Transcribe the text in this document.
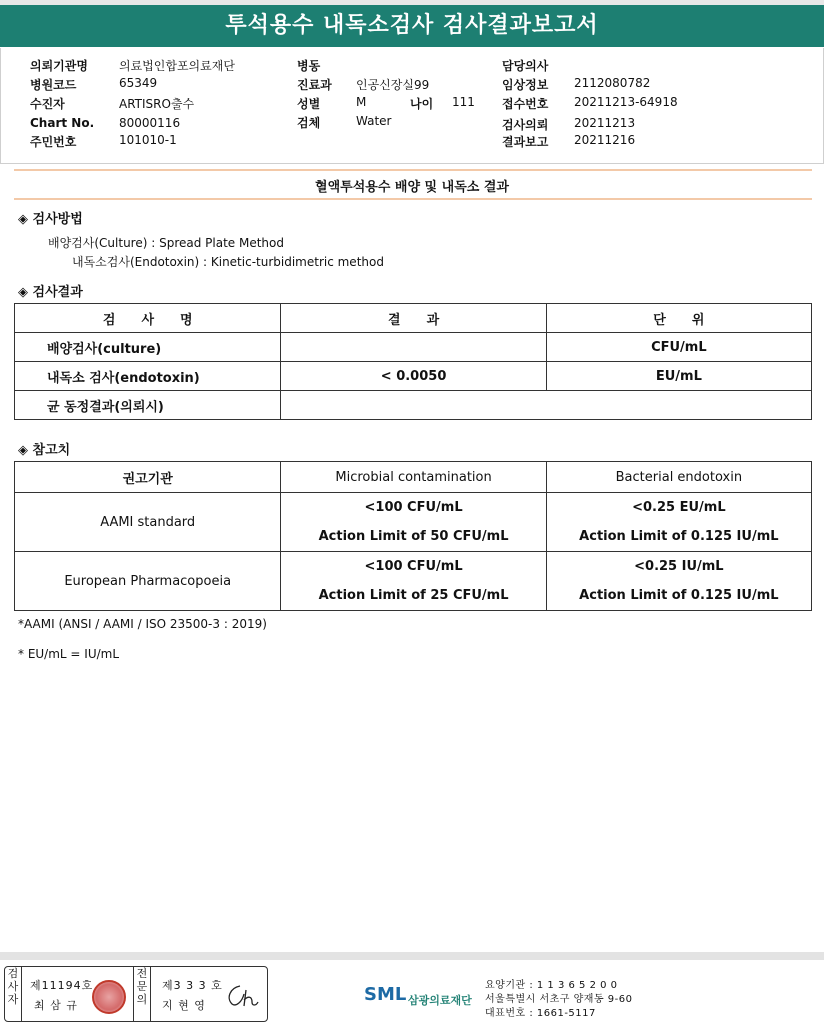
투석용수 내독소검사 검사결과보고서
의뢰기관명	의료법인합포의료재단
병원코드	65349
수진자	ARTISRO출수
Chart No. 80000116
주민번호	101010-1
병동
진료과 인공신장실99
성별	M	나이 111
검체	Water
담당의사
임상정보 2112080782
접수번호 20211213-64918
검사의뢰 20211213
결과보고 20211216
혈액투석용수 배양 및 내독소 결과
◈ 검사방법
배양검사(Culture) : Spread Plate Method
내독소검사(Endotoxin) : Kinetic-turbidimetric method
◈ 검사결과
검　　사　　명	결　　과	단　　위
배양검사(culture)		CFU/mL
내독소 검사(endotoxin)	< 0.0050	EU/mL
균 동정결과(의뢰시)		
◈ 참고치
권고기관	Microbial contamination	Bacterial endotoxin
AAMI standard	<100 CFU/mL	<0.25 EU/mL
	Action Limit of 50 CFU/mL	Action Limit of 0.125 IU/mL
European Pharmacopoeia	<100 CFU/mL	<0.25 IU/mL
	Action Limit of 25 CFU/mL	Action Limit of 0.125 IU/mL
*AAMI (ANSI / AAMI / ISO 23500-3 : 2019)
* EU/mL = IU/mL
검사자
전문의
제11194호
최 삼 규
제3 3 3 호
지 현 영
SML 삼광의료재단
요양기관 : 1 1 3 6 5 2 0 0
서울특별시 서초구 양재동 9-60
대표번호 : 1661-5117
